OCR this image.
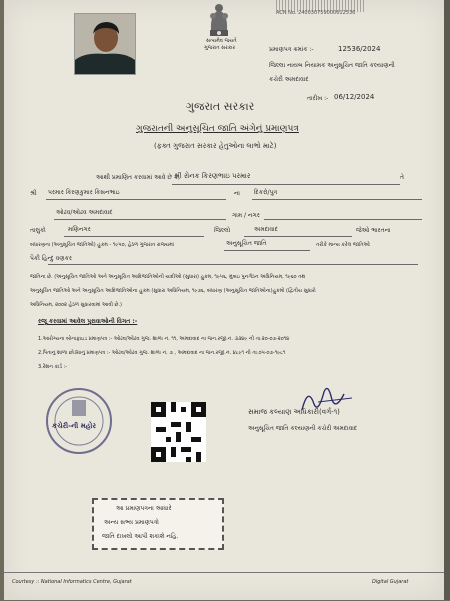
સત્યમેવ જયતે
ગુજરાત સરકાર
ACN No. 240030759000612536
પ્રમાણપત્ર ક્રમાંક :-	12536/2024
જિલ્લા નાયબ નિયામક અનુસૂચિત જાતિ કલ્યાણની
કચેરી અમદાવાદ
તારીખ :- 06/12/2024
ગુજરાત સરકાર
ગુજરાતની અનુસૂચિત જાતિ અંગેનું પ્રમાણપત્ર
(ફક્ત ગુજરાત સરકાર હેતુઓના લાભો માટે)
આથી પ્રમાણિત કરવામાં આવે છે કે,
શ્રી રોનક કિરણભાઇ પરમાર	તે
શ્રી પરમાર કિરણકુમાર કિસનભાઇ	ના દિકરો/પુત્ર
ઓઢવ/ઓઢવ અમદાવાદ	ગામ / નગર
તાલુકો	મણિનગર	જિલ્લો	અમદાવાદ	જેઓ ભારતના
બંધારણના (અનુસૂચિત જાતિઓ) હુકમ - ૧૯૫૦, હેઠળ ગુજરાત રાજ્યમાં	અનુસૂચિત જાતિ	તરીકે માન્ય કરેલ જાતિઓ
પૈકી હિન્દુ વણકર
જાતિના છે. (અનુસૂચિત જાતિઓ અને અનુસૂચિત આદિજાતિઓની યાદીઓ (સુધારા) હુકમ, ૧૯૫૬, મુંબઇ પુનર્ગઠન અધિનિયમ, ૧૯૬૦ તથ
અનુસૂચિત જાતિઓ અને અનુસૂચિત આદિજાતિઓના હુકમ (સુધારા અધિનિયમ, ૧૯૭૬, બંધારણ (અનુસૂચિત જાતિઓના)હુકમો (દ્વિતીય સુધારો
અધિનિયમ, ૨૦૦૨ હેઠળ સુધારવામાં આવી છે.)
રજૂ કરવામાં આવેલ પુરાવાઓની વિગત :-
1.આરોગ્યના બોનાફાઇડ પ્રમાણપત્ર :- ઓઢવ/ઓઢવ ગુજ. શાળા નં. ૧૧, અમદાવાદ ના જન.રજી.નં. ૩૩૪૯ ની તા.૨૦-૦૭-૨૦૧૪
2.પિતાનું શાળા છોડ્યાનું પ્રમાણપત્ર :- ઓઢવ/ઓઢવ ગુજ. શાળા નં. ૭ , અમદાવાદ ના જન.રજી.નં. ૪૮૯૧ ની તા.૦૫-૦૭-૧૯૮૧
3.રેશન કાર્ડ :-
કચેરી-ની મહોર
સમાજ કલ્યાણ અધિકારી(વર્ગ-૧)
અનુસૂચિત જાતિ કલ્યાણની કચેરી અમદાવાદ
આ પ્રમાણપત્રના આધારે
અન્ય સભ્ય પ્રમાણપત્રો
જાતિ દાખલો આપી શકાશે નહિ.
Courtesy :: National Informatics Centre, Gujarat	Digital Gujarat
